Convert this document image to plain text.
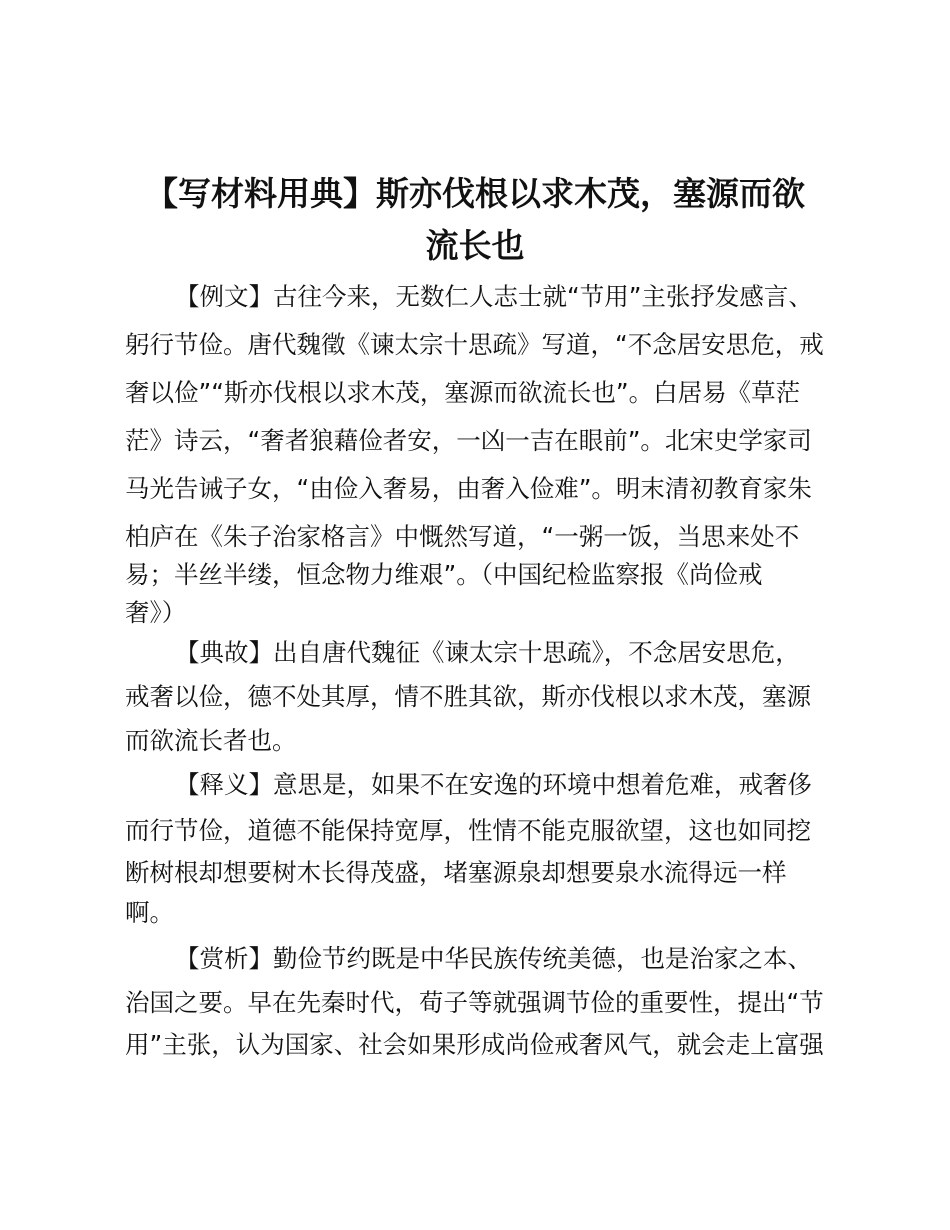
【写材料用典】斯亦伐根以求木茂，塞源而欲
流长也
【例文】古往今来，无数仁人志士就“节用”主张抒发感言、
躬行节俭。唐代魏徵《谏太宗十思疏》写道，“不念居安思危，戒
奢以俭”“斯亦伐根以求木茂，塞源而欲流长也”。白居易《草茫
茫》诗云，“奢者狼藉俭者安，一凶一吉在眼前”。北宋史学家司
马光告诫子女，“由俭入奢易，由奢入俭难”。明末清初教育家朱
柏庐在《朱子治家格言》中慨然写道，“一粥一饭，当思来处不
易；半丝半缕，恒念物力维艰”。（中国纪检监察报《尚俭戒
奢》）
【典故】出自唐代魏征《谏太宗十思疏》，不念居安思危，
戒奢以俭，德不处其厚，情不胜其欲，斯亦伐根以求木茂，塞源
而欲流长者也。
【释义】意思是，如果不在安逸的环境中想着危难，戒奢侈
而行节俭，道德不能保持宽厚，性情不能克服欲望，这也如同挖
断树根却想要树木长得茂盛，堵塞源泉却想要泉水流得远一样
啊。
【赏析】勤俭节约既是中华民族传统美德，也是治家之本、
治国之要。早在先秦时代，荀子等就强调节俭的重要性，提出“节
用”主张，认为国家、社会如果形成尚俭戒奢风气，就会走上富强
